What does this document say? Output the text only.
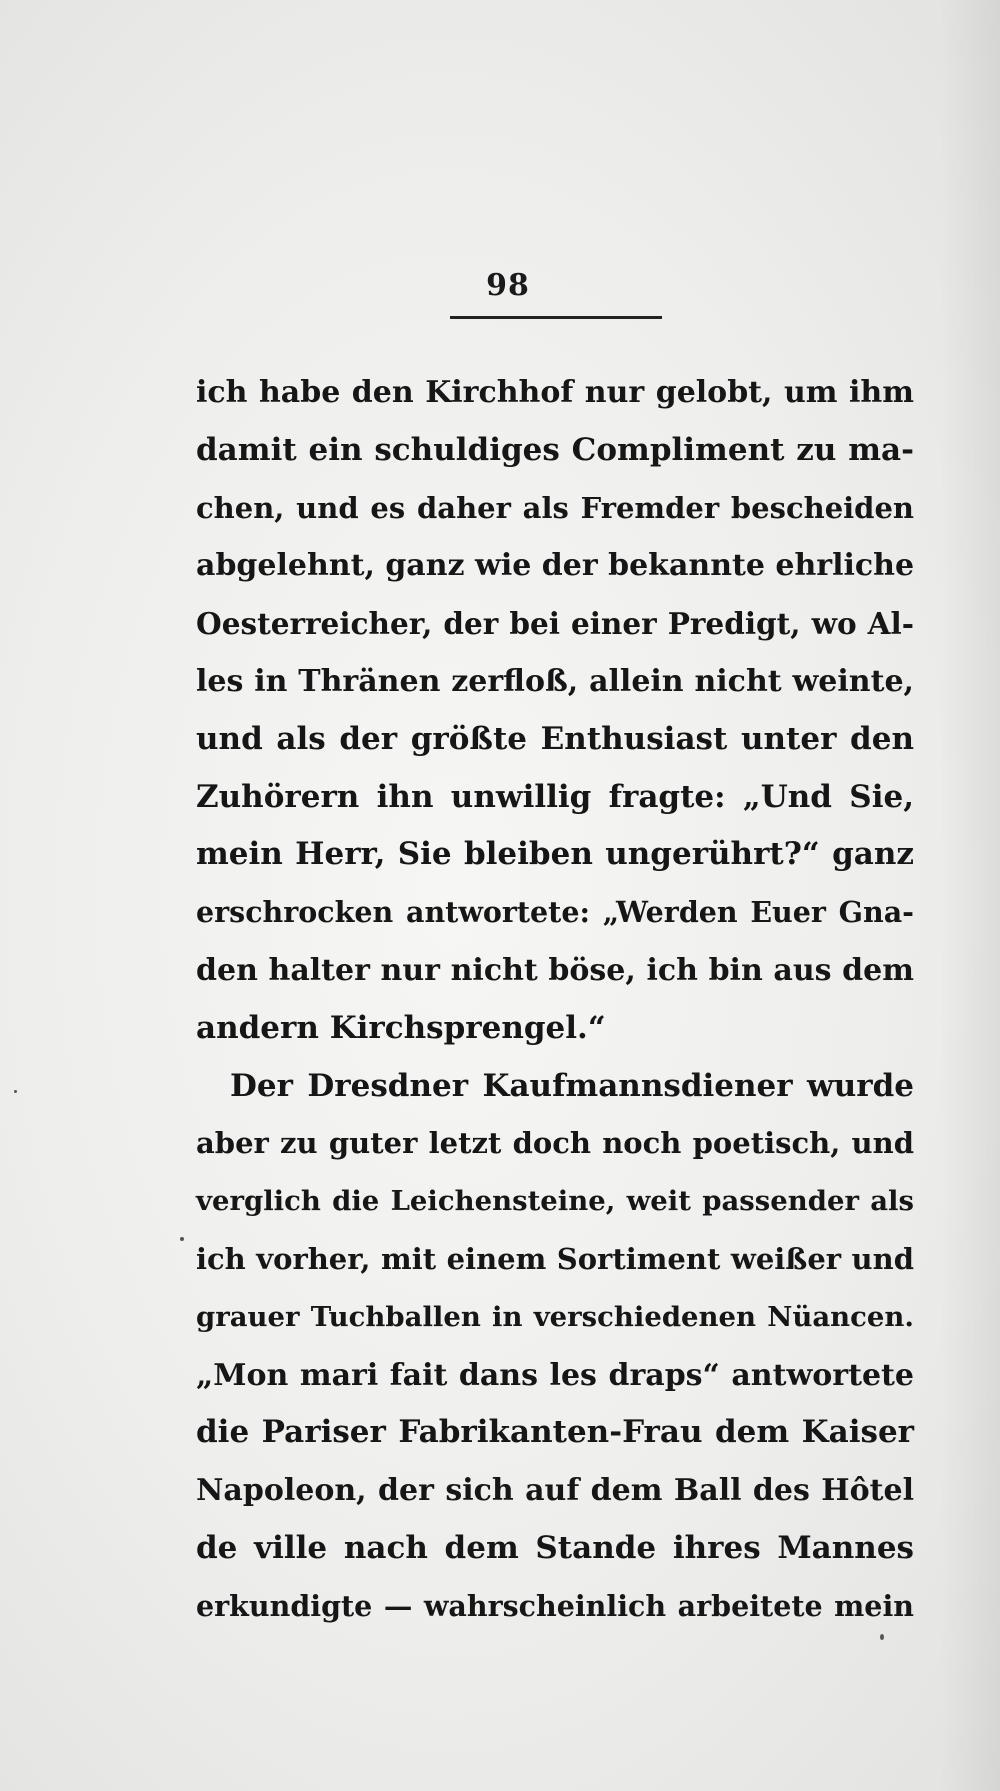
98
ich habe den Kirchhof nur gelobt, um ihm
damit ein schuldiges Compliment zu ma-
chen, und es daher als Fremder bescheiden
abgelehnt, ganz wie der bekannte ehrliche
Oesterreicher, der bei einer Predigt, wo Al-
les in Thränen zerfloß, allein nicht weinte,
und als der größte Enthusiast unter den
Zuhörern ihn unwillig fragte: „Und Sie,
mein Herr, Sie bleiben ungerührt?“ ganz
erschrocken antwortete: „Werden Euer Gna-
den halter nur nicht böse, ich bin aus dem
andern Kirchsprengel.“
Der Dresdner Kaufmannsdiener wurde
aber zu guter letzt doch noch poetisch, und
verglich die Leichensteine, weit passender als
ich vorher, mit einem Sortiment weißer und
grauer Tuchballen in verschiedenen Nüancen.
„Mon mari fait dans les draps“ antwortete
die Pariser Fabrikanten-Frau dem Kaiser
Napoleon, der sich auf dem Ball des Hôtel
de ville nach dem Stande ihres Mannes
erkundigte — wahrscheinlich arbeitete mein
